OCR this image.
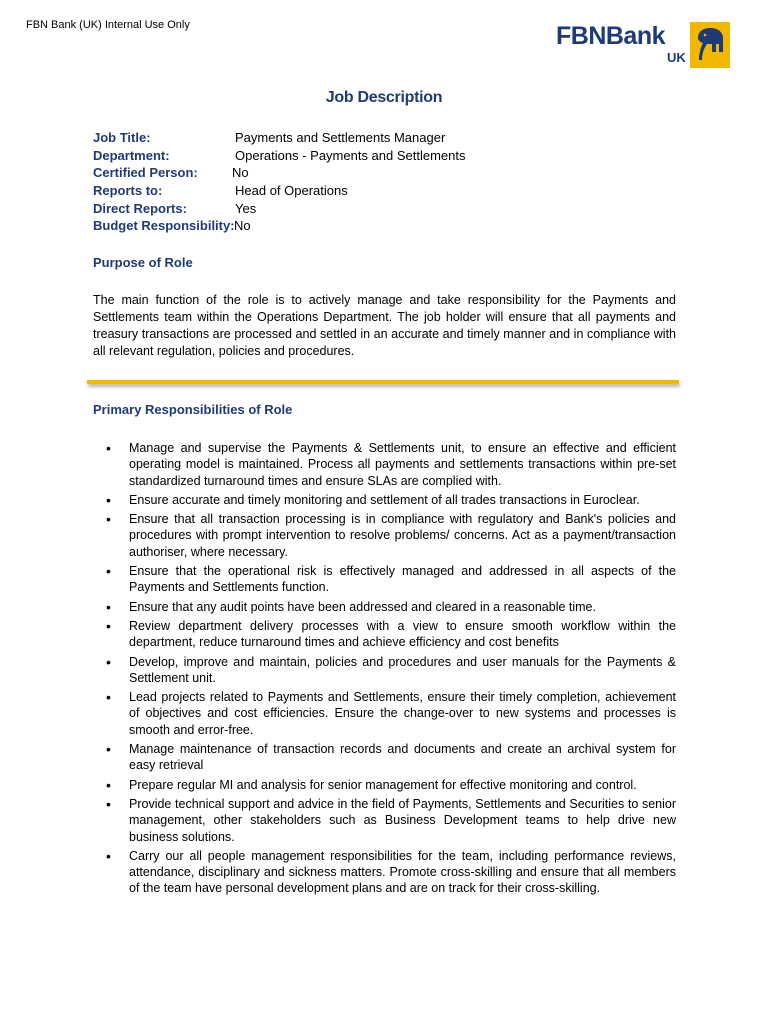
FBN Bank (UK) Internal Use Only	FBNBank
UK
Job Description
Job Title:	Payments and Settlements Manager
Department:	Operations - Payments and Settlements
Certified Person:	No
Reports to:	Head of Operations
Direct Reports:	Yes
Budget Responsibility: No
Purpose of Role
The main function of the role is to actively manage and take responsibility for the Payments and Settlements team within the Operations Department. The job holder will ensure that all payments and treasury transactions are processed and settled in an accurate and timely manner and in compliance with all relevant regulation, policies and procedures.
Primary Responsibilities of Role
• Manage and supervise the Payments & Settlements unit, to ensure an effective and efficient operating model is maintained. Process all payments and settlements transactions within pre-set standardized turnaround times and ensure SLAs are complied with.
• Ensure accurate and timely monitoring and settlement of all trades transactions in Euroclear.
• Ensure that all transaction processing is in compliance with regulatory and Bank's policies and procedures with prompt intervention to resolve problems/ concerns. Act as a payment/transaction authoriser, where necessary.
• Ensure that the operational risk is effectively managed and addressed in all aspects of the Payments and Settlements function.
• Ensure that any audit points have been addressed and cleared in a reasonable time.
• Review department delivery processes with a view to ensure smooth workflow within the department, reduce turnaround times and achieve efficiency and cost benefits
• Develop, improve and maintain, policies and procedures and user manuals for the Payments & Settlement unit.
• Lead projects related to Payments and Settlements, ensure their timely completion, achievement of objectives and cost efficiencies. Ensure the change-over to new systems and processes is smooth and error-free.
• Manage maintenance of transaction records and documents and create an archival system for easy retrieval
• Prepare regular MI and analysis for senior management for effective monitoring and control.
• Provide technical support and advice in the field of Payments, Settlements and Securities to senior management, other stakeholders such as Business Development teams to help drive new business solutions.
• Carry our all people management responsibilities for the team, including performance reviews, attendance, disciplinary and sickness matters. Promote cross-skilling and ensure that all members of the team have personal development plans and are on track for their cross-skilling.
